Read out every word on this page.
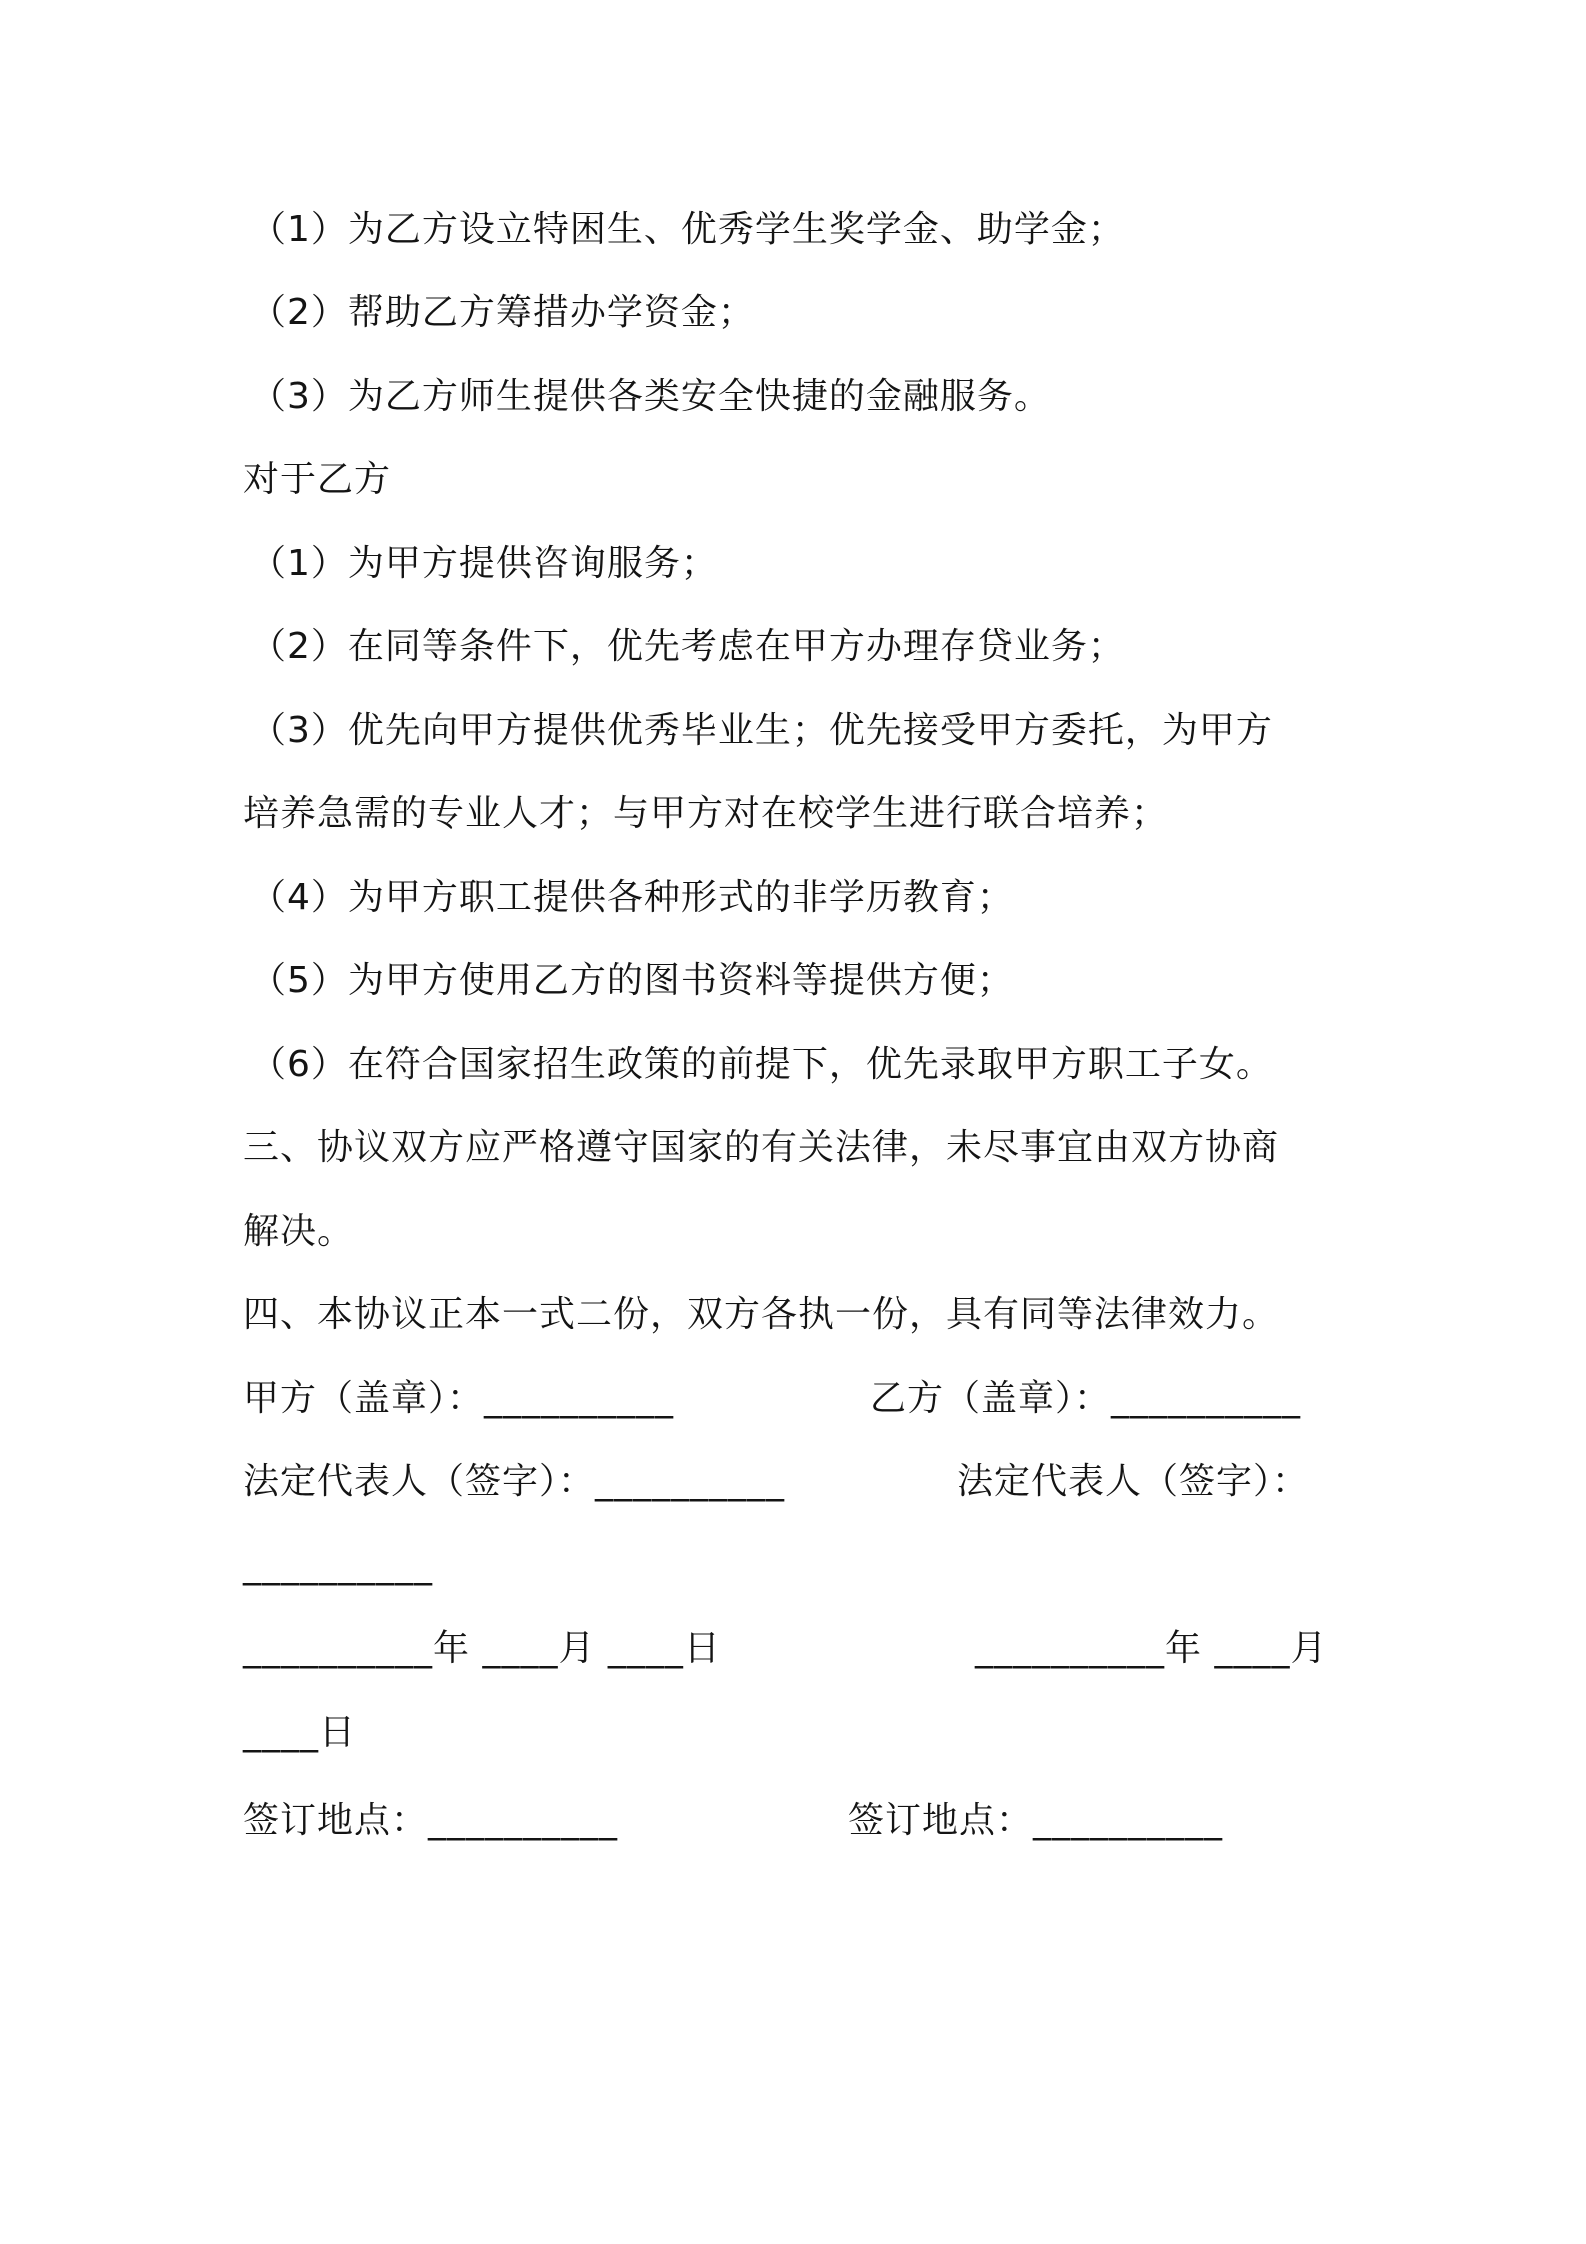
（1）为乙方设立特困生、优秀学生奖学金、助学金；
（2）帮助乙方筹措办学资金；
（3）为乙方师生提供各类安全快捷的金融服务。
对于乙方
（1）为甲方提供咨询服务；
（2）在同等条件下，优先考虑在甲方办理存贷业务；
（3）优先向甲方提供优秀毕业生；优先接受甲方委托，为甲方
培养急需的专业人才；与甲方对在校学生进行联合培养；
（4）为甲方职工提供各种形式的非学历教育；
（5）为甲方使用乙方的图书资料等提供方便；
（6）在符合国家招生政策的前提下，优先录取甲方职工子女。
三、协议双方应严格遵守国家的有关法律，未尽事宜由双方协商
解决。
四、本协议正本一式二份，双方各执一份，具有同等法律效力。
甲方（盖章）：__________	乙方（盖章）：__________
法定代表人（签字）：__________	法定代表人（签字）：
__________
__________年 ____月 ____日	__________年 ____月
____日
签订地点：__________	签订地点：__________
